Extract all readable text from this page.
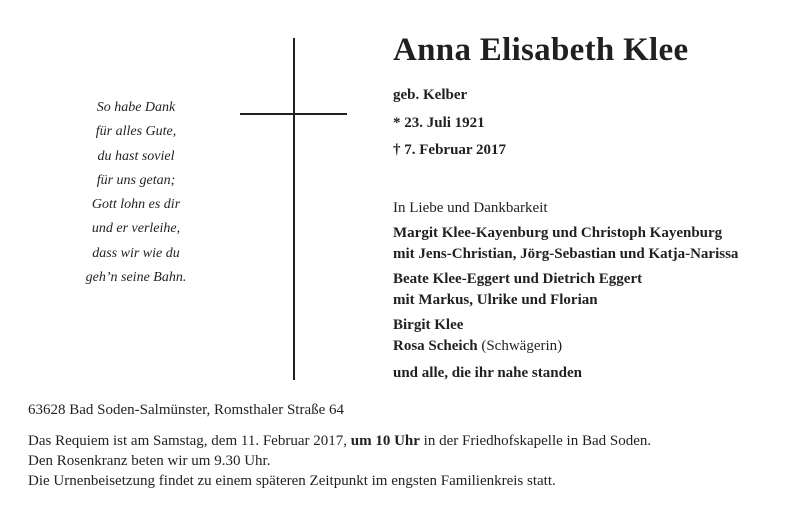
So habe Dank
für alles Gute,
du hast soviel
für uns getan;
Gott lohn es dir
und er verleihe,
dass wir wie du
geh’n seine Bahn.
Anna Elisabeth Klee
geb. Kelber
* 23. Juli 1921
† 7. Februar 2017
In Liebe und Dankbarkeit
Margit Klee-Kayenburg und Christoph Kayenburg
mit Jens-Christian, Jörg-Sebastian und Katja-Narissa
Beate Klee-Eggert und Dietrich Eggert
mit Markus, Ulrike und Florian
Birgit Klee
Rosa Scheich (Schwägerin)
und alle, die ihr nahe standen
63628 Bad Soden-Salmünster, Romsthaler Straße 64
Das Requiem ist am Samstag, dem 11. Februar 2017, um 10 Uhr in der Friedhofskapelle in Bad Soden.
Den Rosenkranz beten wir um 9.30 Uhr.
Die Urnenbeisetzung findet zu einem späteren Zeitpunkt im engsten Familienkreis statt.
